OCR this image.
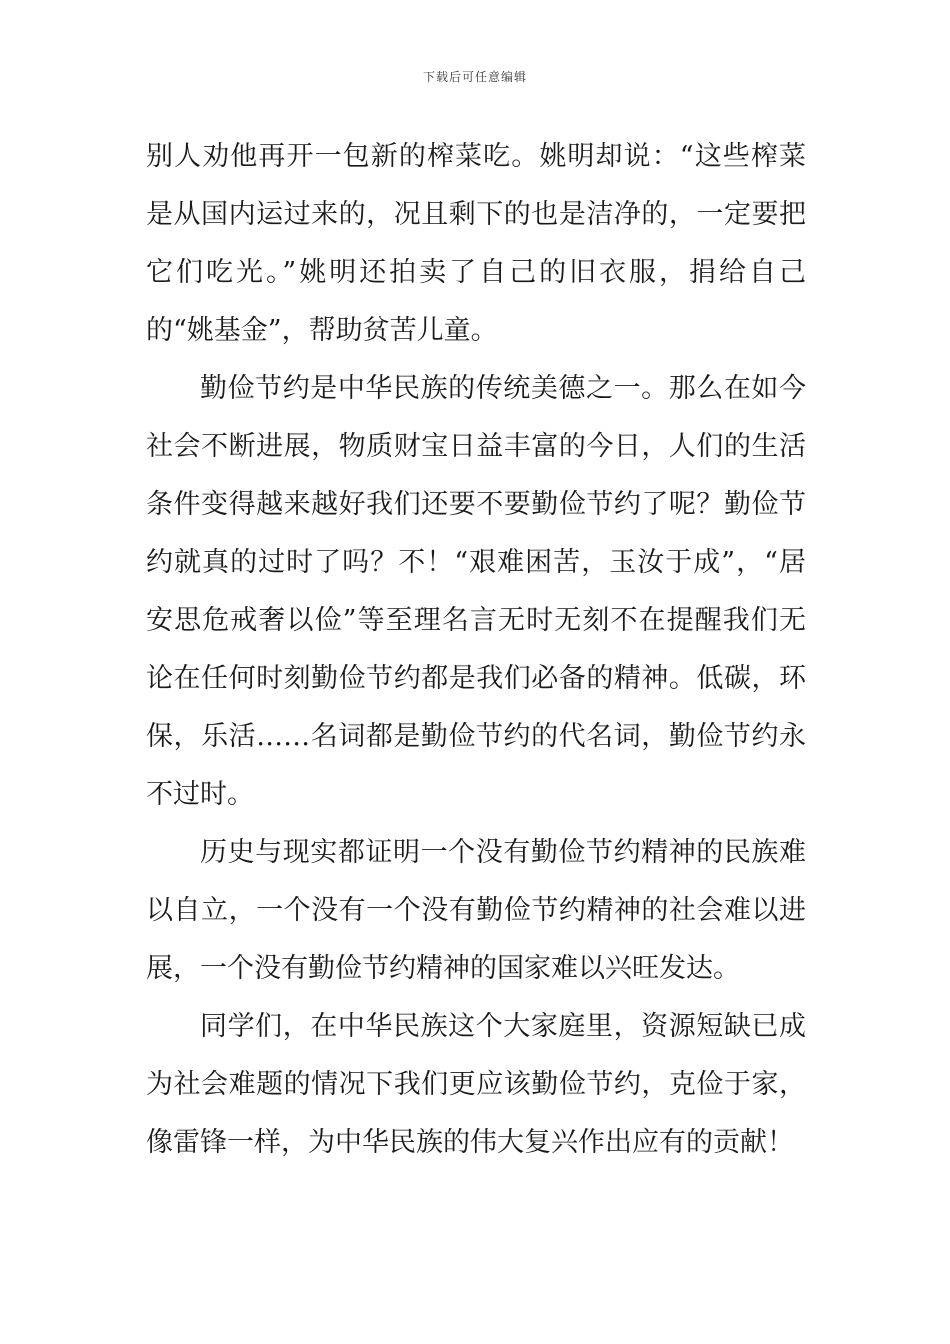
下载后可任意编辑

别人劝他再开一包新的榨菜吃。姚明却说：“这些榨菜是从国内运过来的，况且剩下的也是洁净的，一定要把它们吃光。”姚明还拍卖了自己的旧衣服，捐给自己的“姚基金”，帮助贫苦儿童。

勤俭节约是中华民族的传统美德之一。那么在如今社会不断进展，物质财宝日益丰富的今日，人们的生活条件变得越来越好我们还要不要勤俭节约了呢？勤俭节约就真的过时了吗？不！“艰难困苦，玉汝于成”，“居安思危戒奢以俭”等至理名言无时无刻不在提醒我们无论在任何时刻勤俭节约都是我们必备的精神。低碳，环保，乐活……名词都是勤俭节约的代名词，勤俭节约永不过时。

历史与现实都证明一个没有勤俭节约精神的民族难以自立，一个没有一个没有勤俭节约精神的社会难以进展，一个没有勤俭节约精神的国家难以兴旺发达。

同学们，在中华民族这个大家庭里，资源短缺已成为社会难题的情况下我们更应该勤俭节约，克俭于家，像雷锋一样，为中华民族的伟大复兴作出应有的贡献！
